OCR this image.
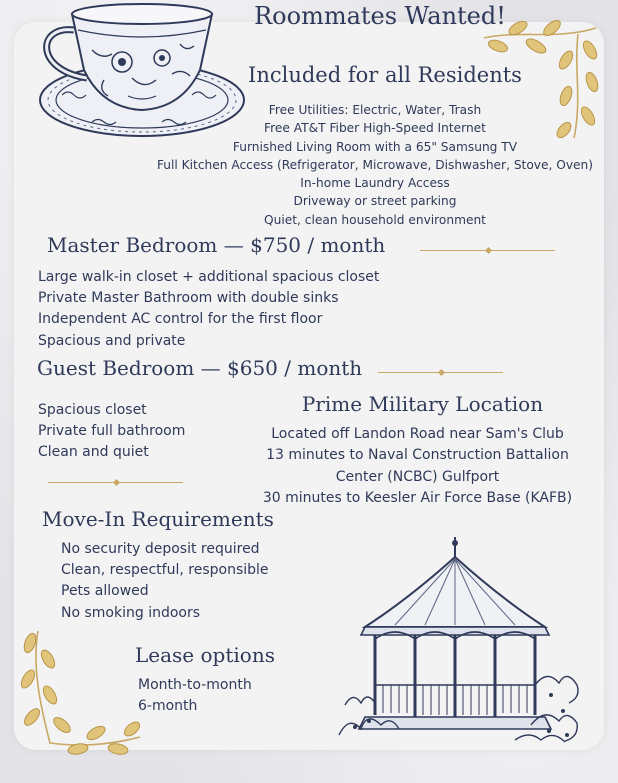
Roommates Wanted!
Included for all Residents
Free Utilities: Electric, Water, Trash
Free AT&T Fiber High-Speed Internet
Furnished Living Room with a 65" Samsung TV
Full Kitchen Access (Refrigerator, Microwave, Dishwasher, Stove, Oven)
In-home Laundry Access
Driveway or street parking
Quiet, clean household environment
Master Bedroom — $750 / month
Large walk-in closet + additional spacious closet
Private Master Bathroom with double sinks
Independent AC control for the first floor
Spacious and private
Guest Bedroom — $650 / month
Spacious closet
Private full bathroom
Clean and quiet
Prime Military Location
Located off Landon Road near Sam's Club
13 minutes to Naval Construction Battalion
Center (NCBC) Gulfport
30 minutes to Keesler Air Force Base (KAFB)
Move-In Requirements
No security deposit required
Clean, respectful, responsible
Pets allowed
No smoking indoors
Lease options
Month-to-month
6-month
